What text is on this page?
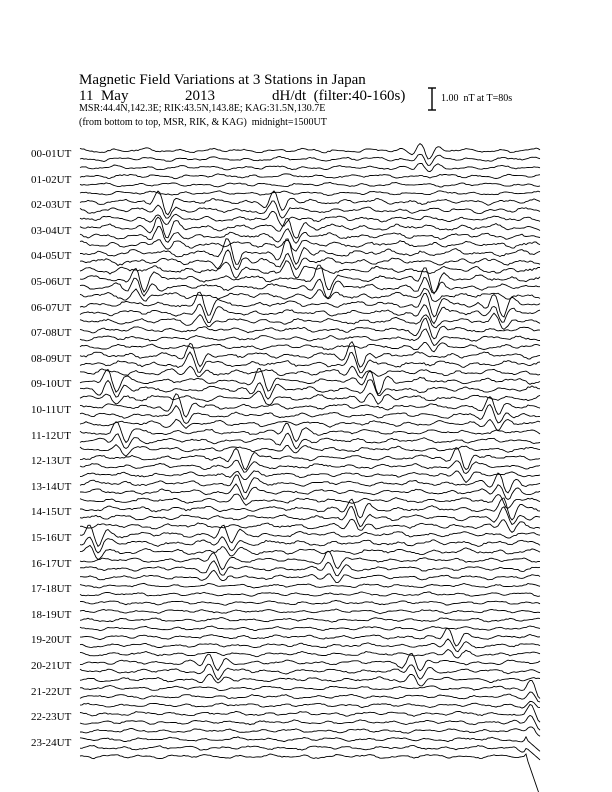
Magnetic Field Variations at 3 Stations in Japan
11  May	2013	dH/dt  (filter:40-160s)
MSR:44.4N,142.3E; RIK:43.5N,143.8E; KAG:31.5N,130.7E
(from bottom to top, MSR, RIK, & KAG)  midnight=1500UT
1.00  nT at T=80s
00-01UT
01-02UT
02-03UT
03-04UT
04-05UT
05-06UT
06-07UT
07-08UT
08-09UT
09-10UT
10-11UT
11-12UT
12-13UT
13-14UT
14-15UT
15-16UT
16-17UT
17-18UT
18-19UT
19-20UT
20-21UT
21-22UT
22-23UT
23-24UT
